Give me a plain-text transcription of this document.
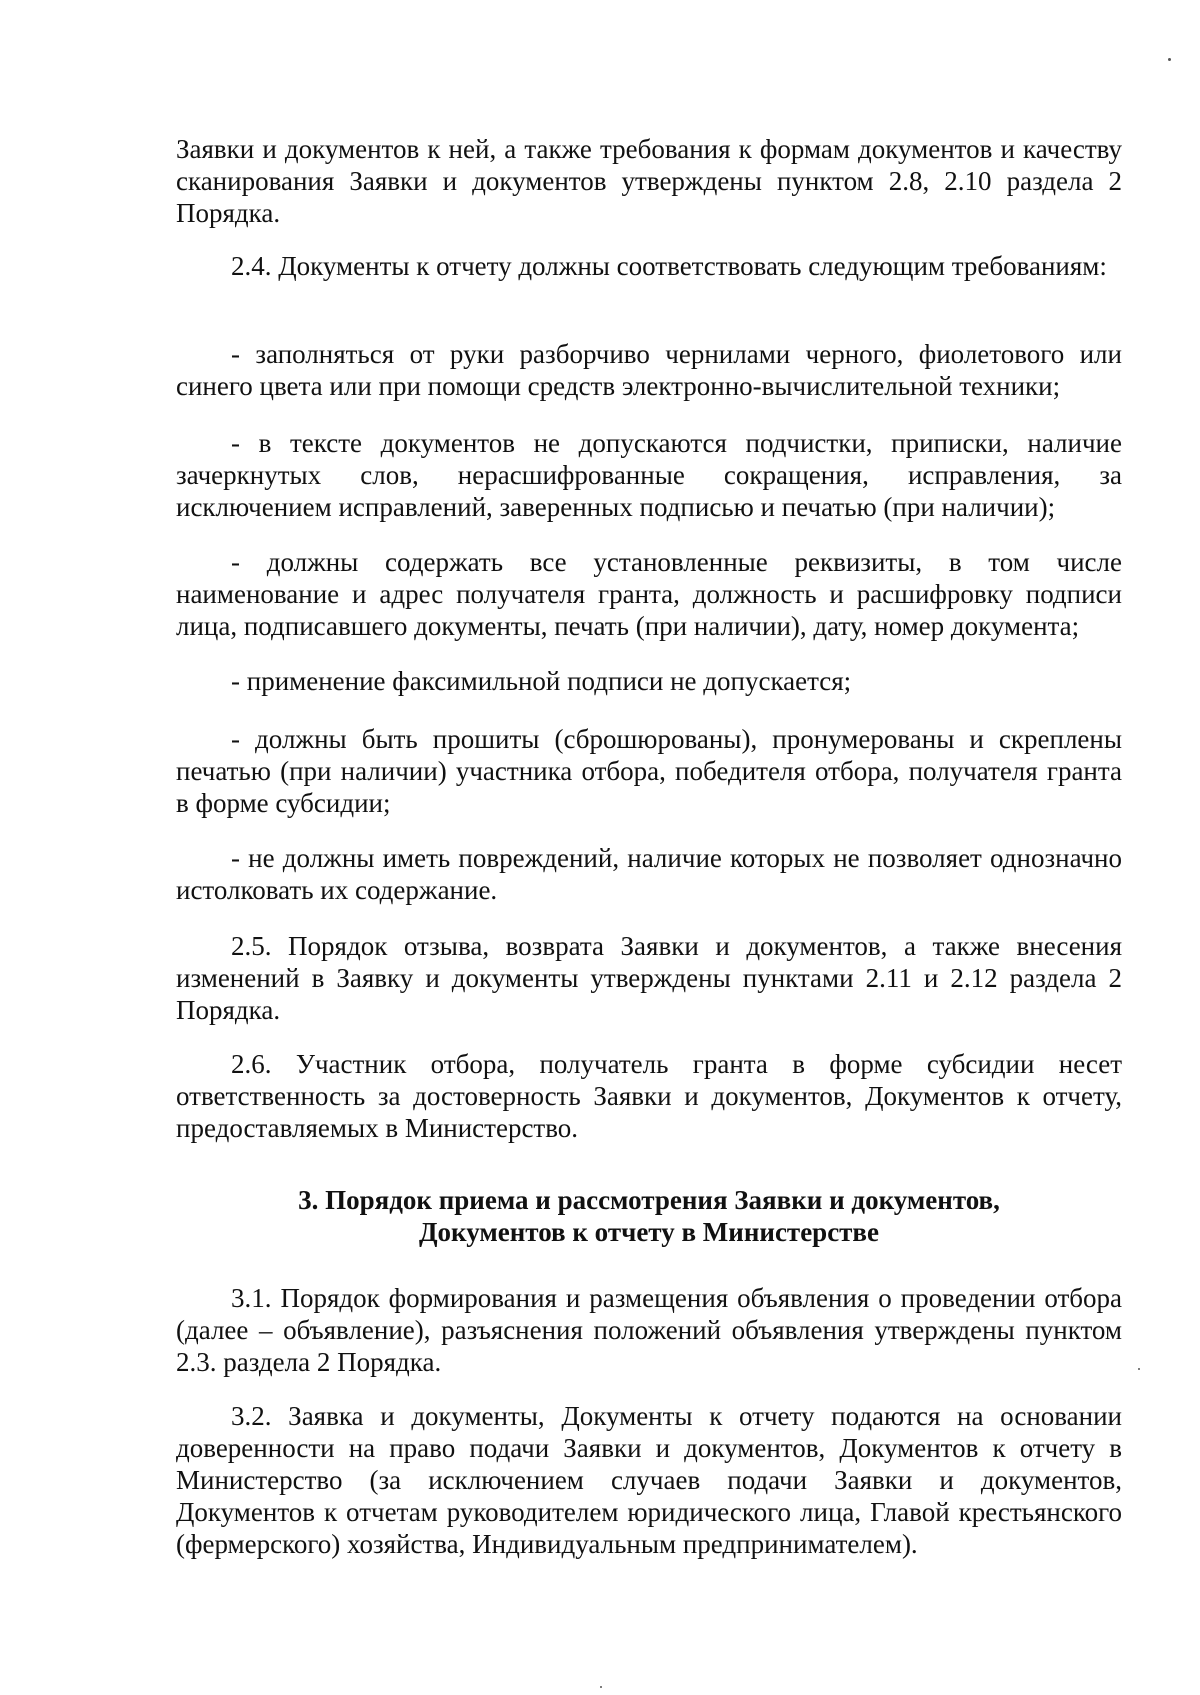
Заявки и документов к ней, а также требования к формам документов и качеству сканирования Заявки и документов утверждены пунктом 2.8, 2.10 раздела 2 Порядка.

2.4. Документы к отчету должны соответствовать следующим требованиям:

- заполняться от руки разборчиво чернилами черного, фиолетового или синего цвета или при помощи средств электронно-вычислительной техники;

- в тексте документов не допускаются подчистки, приписки, наличие зачеркнутых слов, нерасшифрованные сокращения, исправления, за исключением исправлений, заверенных подписью и печатью (при наличии);

- должны содержать все установленные реквизиты, в том числе наименование и адрес получателя гранта, должность и расшифровку подписи лица, подписавшего документы, печать (при наличии), дату, номер документа;

- применение факсимильной подписи не допускается;

- должны быть прошиты (сброшюрованы), пронумерованы и скреплены печатью (при наличии) участника отбора, победителя отбора, получателя гранта в форме субсидии;

- не должны иметь повреждений, наличие которых не позволяет однозначно истолковать их содержание.

2.5. Порядок отзыва, возврата Заявки и документов, а также внесения изменений в Заявку и документы утверждены пунктами 2.11 и 2.12 раздела 2 Порядка.

2.6. Участник отбора, получатель гранта в форме субсидии несет ответственность за достоверность Заявки и документов, Документов к отчету, предоставляемых в Министерство.

3. Порядок приема и рассмотрения Заявки и документов,

Документов к отчету в Министерстве

3.1. Порядок формирования и размещения объявления о проведении отбора (далее – объявление), разъяснения положений объявления утверждены пунктом 2.3. раздела 2 Порядка.

3.2. Заявка и документы, Документы к отчету подаются на основании доверенности на право подачи Заявки и документов, Документов к отчету в Министерство (за исключением случаев подачи Заявки и документов, Документов к отчетам руководителем юридического лица, Главой крестьянского (фермерского) хозяйства, Индивидуальным предпринимателем).
